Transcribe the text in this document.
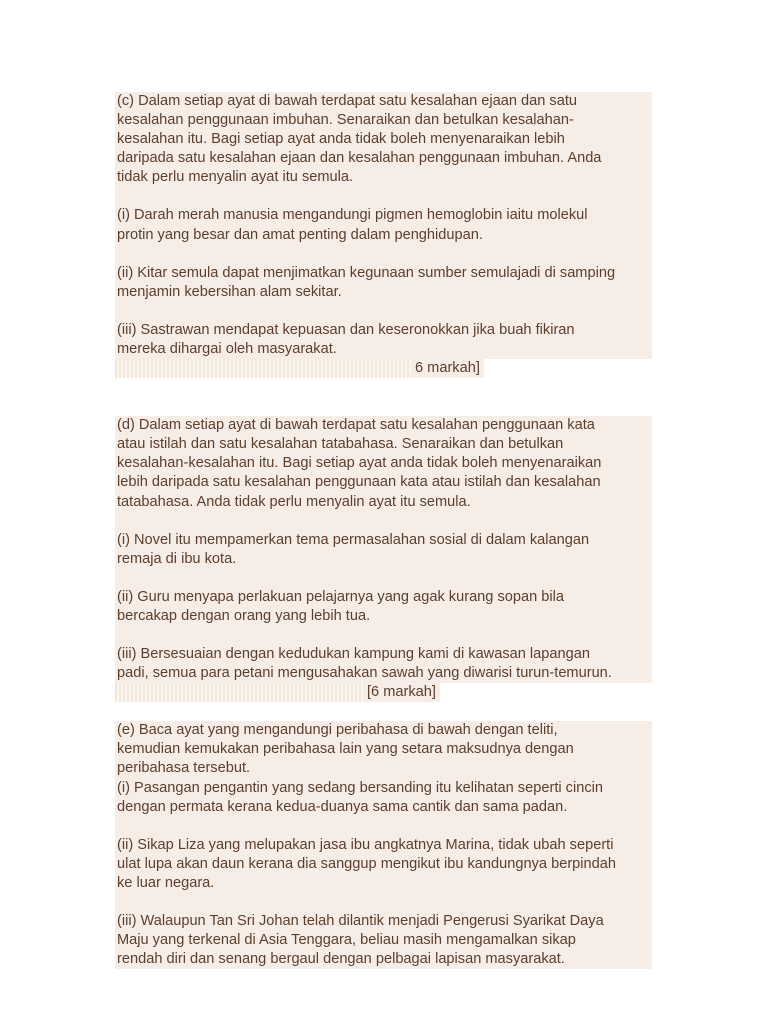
(c) Dalam setiap ayat di bawah terdapat satu kesalahan ejaan dan satu
kesalahan penggunaan imbuhan. Senaraikan dan betulkan kesalahan-
kesalahan itu. Bagi setiap ayat anda tidak boleh menyenaraikan lebih
daripada satu kesalahan ejaan dan kesalahan penggunaan imbuhan. Anda
tidak perlu menyalin ayat itu semula.
(i) Darah merah manusia mengandungi pigmen hemoglobin iaitu molekul
protin yang besar dan amat penting dalam penghidupan.
(ii) Kitar semula dapat menjimatkan kegunaan sumber semulajadi di samping
menjamin kebersihan alam sekitar.
(iii) Sastrawan mendapat kepuasan dan keseronokkan jika buah fikiran
mereka dihargai oleh masyarakat.
6 markah]
(d) Dalam setiap ayat di bawah terdapat satu kesalahan penggunaan kata
atau istilah dan satu kesalahan tatabahasa. Senaraikan dan betulkan
kesalahan-kesalahan itu. Bagi setiap ayat anda tidak boleh menyenaraikan
lebih daripada satu kesalahan penggunaan kata atau istilah dan kesalahan
tatabahasa. Anda tidak perlu menyalin ayat itu semula.
(i) Novel itu mempamerkan tema permasalahan sosial di dalam kalangan
remaja di ibu kota.
(ii) Guru menyapa perlakuan pelajarnya yang agak kurang sopan bila
bercakap dengan orang yang lebih tua.
(iii) Bersesuaian dengan kedudukan kampung kami di kawasan lapangan
padi, semua para petani mengusahakan sawah yang diwarisi turun-temurun.
[6 markah]
(e) Baca ayat yang mengandungi peribahasa di bawah dengan teliti,
kemudian kemukakan peribahasa lain yang setara maksudnya dengan
peribahasa tersebut.
(i) Pasangan pengantin yang sedang bersanding itu kelihatan seperti cincin
dengan permata kerana kedua-duanya sama cantik dan sama padan.
(ii) Sikap Liza yang melupakan jasa ibu angkatnya Marina, tidak ubah seperti
ulat lupa akan daun kerana dia sanggup mengikut ibu kandungnya berpindah
ke luar negara.
(iii) Walaupun Tan Sri Johan telah dilantik menjadi Pengerusi Syarikat Daya
Maju yang terkenal di Asia Tenggara, beliau masih mengamalkan sikap
rendah diri dan senang bergaul dengan pelbagai lapisan masyarakat.
